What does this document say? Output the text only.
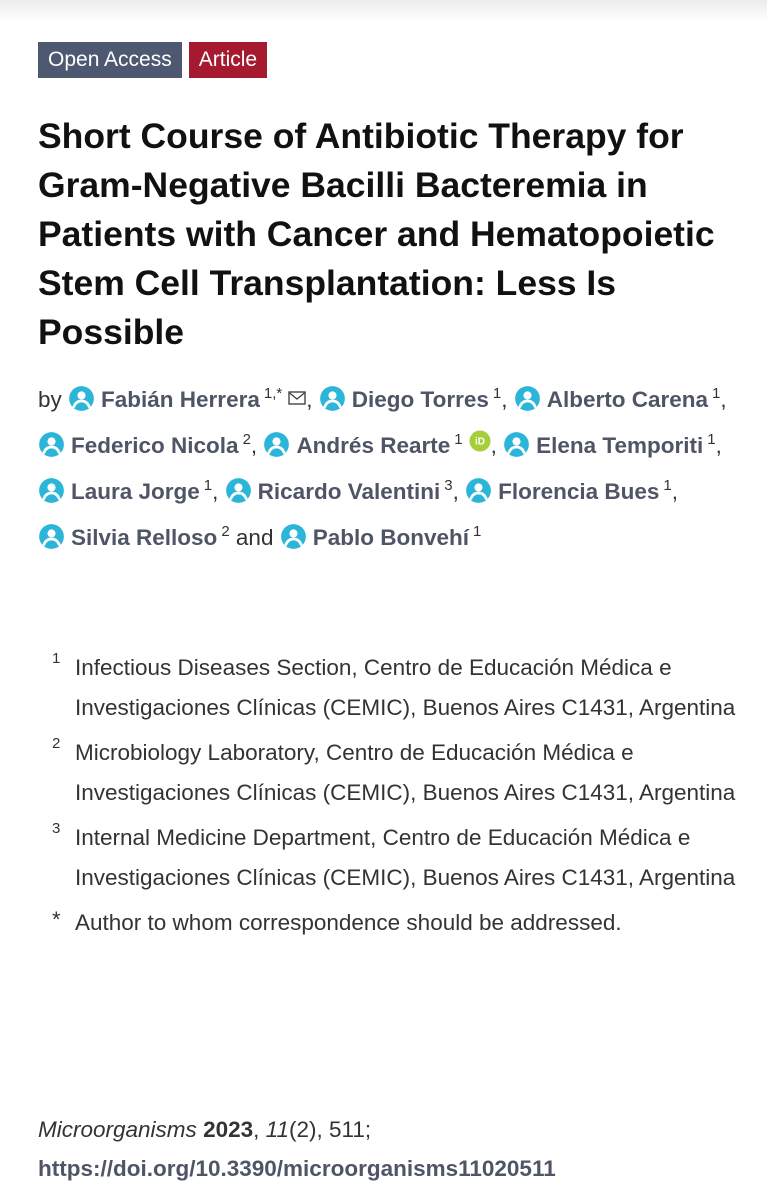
Open Access	Article
Short Course of Antibiotic Therapy for Gram-Negative Bacilli Bacteremia in Patients with Cancer and Hematopoietic Stem Cell Transplantation: Less Is Possible
by Fabián Herrera $^{1,*}$ , Diego Torres $^1$, Alberto Carena $^1$, Federico Nicola $^2$, Andrés Rearte $^1$ iD , Elena Temporiti $^1$, Laura Jorge $^1$, Ricardo Valentini $^3$, Florencia Bues $^1$, Silvia Relloso $^2$ and Pablo Bonvehí $^1$
1 Infectious Diseases Section, Centro de Educación Médica e Investigaciones Clínicas (CEMIC), Buenos Aires C1431, Argentina
2 Microbiology Laboratory, Centro de Educación Médica e Investigaciones Clínicas (CEMIC), Buenos Aires C1431, Argentina
3 Internal Medicine Department, Centro de Educación Médica e Investigaciones Clínicas (CEMIC), Buenos Aires C1431, Argentina
* Author to whom correspondence should be addressed.
Microorganisms 2023, 11(2), 511;
https://doi.org/10.3390/microorganisms11020511
